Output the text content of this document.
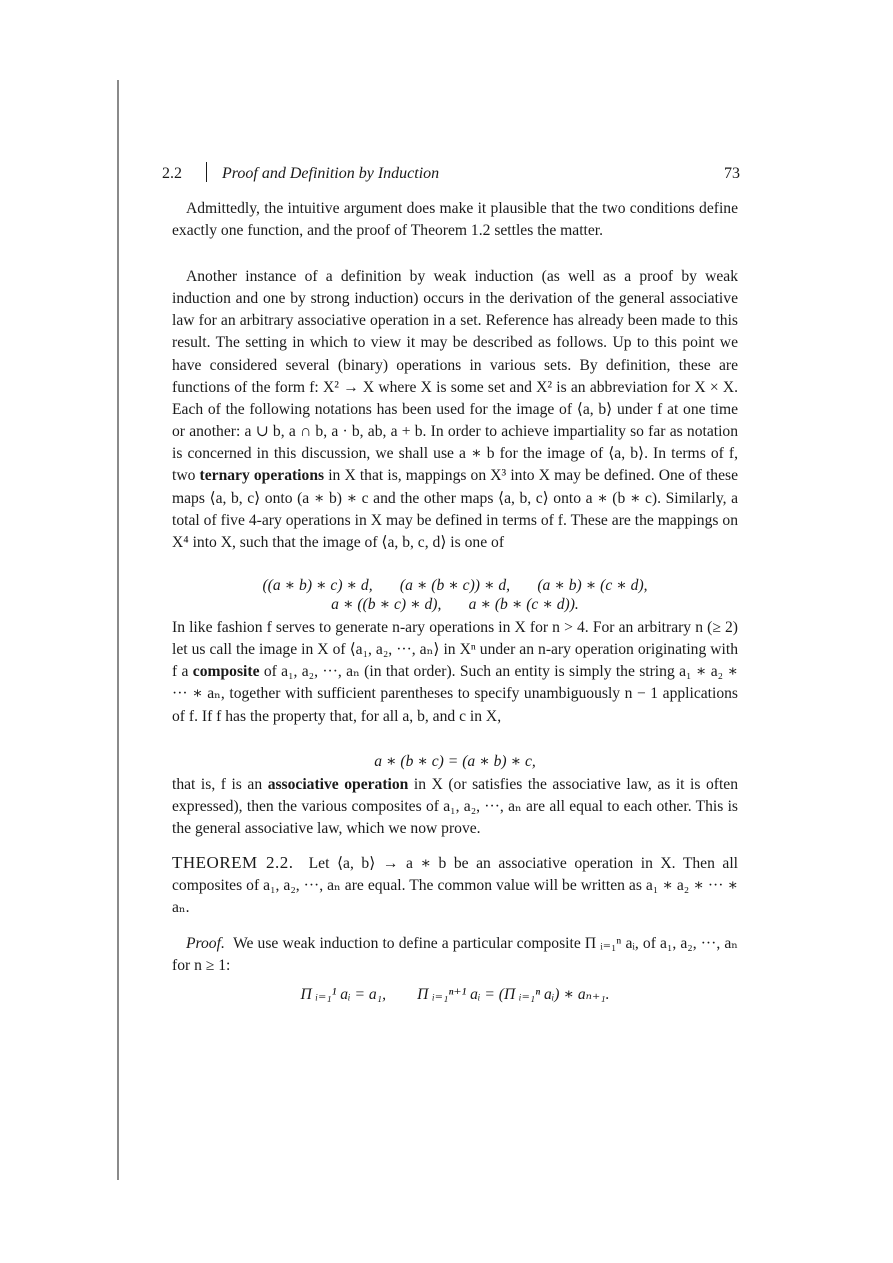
2.2	Proof and Definition by Induction	73
Admittedly, the intuitive argument does make it plausible that the two conditions define exactly one function, and the proof of Theorem 1.2 settles the matter.
Another instance of a definition by weak induction (as well as a proof by weak induction and one by strong induction) occurs in the derivation of the general associative law for an arbitrary associative operation in a set. Reference has already been made to this result. The setting in which to view it may be described as follows. Up to this point we have considered several (binary) operations in various sets. By definition, these are functions of the form f: X² → X where X is some set and X² is an abbreviation for X × X. Each of the following notations has been used for the image of ⟨a, b⟩ under f at one time or another: a ∪ b, a ∩ b, a · b, ab, a + b. In order to achieve impartiality so far as notation is concerned in this discussion, we shall use a ∗ b for the image of ⟨a, b⟩. In terms of f, two ternary operations in X that is, mappings on X³ into X may be defined. One of these maps ⟨a, b, c⟩ onto (a ∗ b) ∗ c and the other maps ⟨a, b, c⟩ onto a ∗ (b ∗ c). Similarly, a total of five 4-ary operations in X may be defined in terms of f. These are the mappings on X⁴ into X, such that the image of ⟨a, b, c, d⟩ is one of
((a ∗ b) ∗ c) ∗ d,       (a ∗ (b ∗ c)) ∗ d,       (a ∗ b) ∗ (c ∗ d),
a ∗ ((b ∗ c) ∗ d),       a ∗ (b ∗ (c ∗ d)).
In like fashion f serves to generate n-ary operations in X for n > 4. For an arbitrary n (≥ 2) let us call the image in X of ⟨a₁, a₂, ···, aₙ⟩ in Xⁿ under an n-ary operation originating with f a composite of a₁, a₂, ···, aₙ (in that order). Such an entity is simply the string a₁ ∗ a₂ ∗ ··· ∗ aₙ, together with sufficient parentheses to specify unambiguously n − 1 applications of f. If f has the property that, for all a, b, and c in X,
a ∗ (b ∗ c) = (a ∗ b) ∗ c,
that is, f is an associative operation in X (or satisfies the associative law, as it is often expressed), then the various composites of a₁, a₂, ···, aₙ are all equal to each other. This is the general associative law, which we now prove.
THEOREM 2.2. Let ⟨a, b⟩ → a ∗ b be an associative operation in X. Then all composites of a₁, a₂, ···, aₙ are equal. The common value will be written as a₁ ∗ a₂ ∗ ··· ∗ aₙ.
Proof. We use weak induction to define a particular composite Π ᵢ₌₁ⁿ aᵢ, of a₁, a₂, ···, aₙ for n ≥ 1:
Π ᵢ₌₁¹ aᵢ = a₁,        Π ᵢ₌₁ⁿ⁺¹ aᵢ = (Π ᵢ₌₁ⁿ aᵢ) ∗ aₙ₊₁.
